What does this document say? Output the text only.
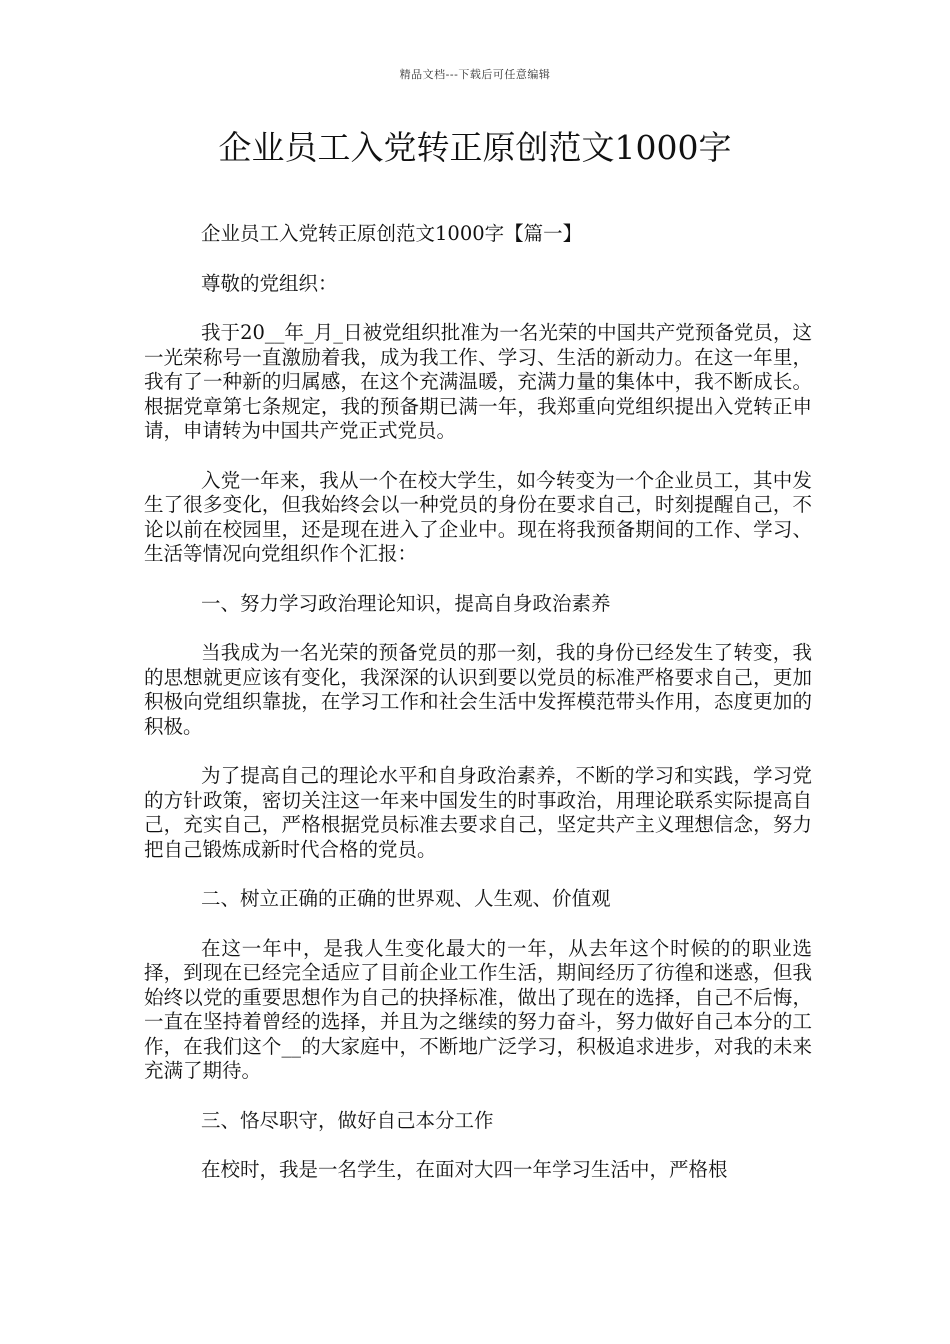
精品文档---下载后可任意编辑
企业员工入党转正原创范文1000字

企业员工入党转正原创范文1000字【篇一】

尊敬的党组织：

我于20__年_月_日被党组织批准为一名光荣的中国共产党预备党员，这一光荣称号一直激励着我，成为我工作、学习、生活的新动力。在这一年里，我有了一种新的归属感，在这个充满温暖，充满力量的集体中，我不断成长。根据党章第七条规定，我的预备期已满一年，我郑重向党组织提出入党转正申请，申请转为中国共产党正式党员。

入党一年来，我从一个在校大学生，如今转变为一个企业员工，其中发生了很多变化，但我始终会以一种党员的身份在要求自己，时刻提醒自己，不论以前在校园里，还是现在进入了企业中。现在将我预备期间的工作、学习、生活等情况向党组织作个汇报：

一、努力学习政治理论知识，提高自身政治素养

当我成为一名光荣的预备党员的那一刻，我的身份已经发生了转变，我的思想就更应该有变化，我深深的认识到要以党员的标准严格要求自己，更加积极向党组织靠拢，在学习工作和社会生活中发挥模范带头作用，态度更加的积极。

为了提高自己的理论水平和自身政治素养，不断的学习和实践，学习党的方针政策，密切关注这一年来中国发生的时事政治，用理论联系实际提高自己，充实自己，严格根据党员标准去要求自己，坚定共产主义理想信念，努力把自己锻炼成新时代合格的党员。

二、树立正确的正确的世界观、人生观、价值观

在这一年中，是我人生变化最大的一年，从去年这个时候的的职业选择，到现在已经完全适应了目前企业工作生活，期间经历了彷徨和迷惑，但我始终以党的重要思想作为自己的抉择标准，做出了现在的选择，自己不后悔，一直在坚持着曾经的选择，并且为之继续的努力奋斗，努力做好自己本分的工作，在我们这个__的大家庭中，不断地广泛学习，积极追求进步，对我的未来充满了期待。

三、恪尽职守，做好自己本分工作

在校时，我是一名学生，在面对大四一年学习生活中，严格根
